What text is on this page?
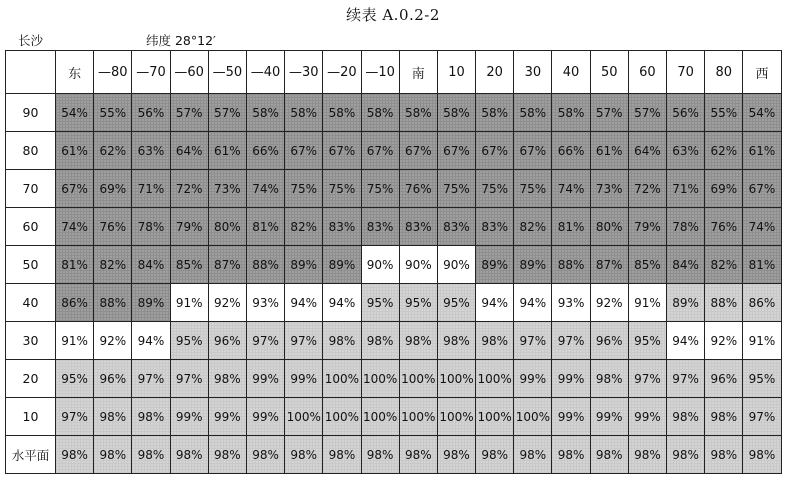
续表 A.0.2-2
长沙	纬度 28°12′
	东	—80	—70	—60	—50	—40	—30	—20	—10	南	10	20	30	40	50	60	70	80	西
90	54%	55%	56%	57%	57%	58%	58%	58%	58%	58%	58%	58%	58%	58%	57%	57%	56%	55%	54%
80	61%	62%	63%	64%	61%	66%	67%	67%	67%	67%	67%	67%	67%	66%	61%	64%	63%	62%	61%
70	67%	69%	71%	72%	73%	74%	75%	75%	75%	76%	75%	75%	75%	74%	73%	72%	71%	69%	67%
60	74%	76%	78%	79%	80%	81%	82%	83%	83%	83%	83%	83%	82%	81%	80%	79%	78%	76%	74%
50	81%	82%	84%	85%	87%	88%	89%	89%	90%	90%	90%	89%	89%	88%	87%	85%	84%	82%	81%
40	86%	88%	89%	91%	92%	93%	94%	94%	95%	95%	95%	94%	94%	93%	92%	91%	89%	88%	86%
30	91%	92%	94%	95%	96%	97%	97%	98%	98%	98%	98%	98%	97%	97%	96%	95%	94%	92%	91%
20	95%	96%	97%	97%	98%	99%	99%	100%	100%	100%	100%	100%	99%	99%	98%	97%	97%	96%	95%
10	97%	98%	98%	99%	99%	99%	100%	100%	100%	100%	100%	100%	100%	99%	99%	99%	98%	98%	97%
水平面	98%	98%	98%	98%	98%	98%	98%	98%	98%	98%	98%	98%	98%	98%	98%	98%	98%	98%	98%
